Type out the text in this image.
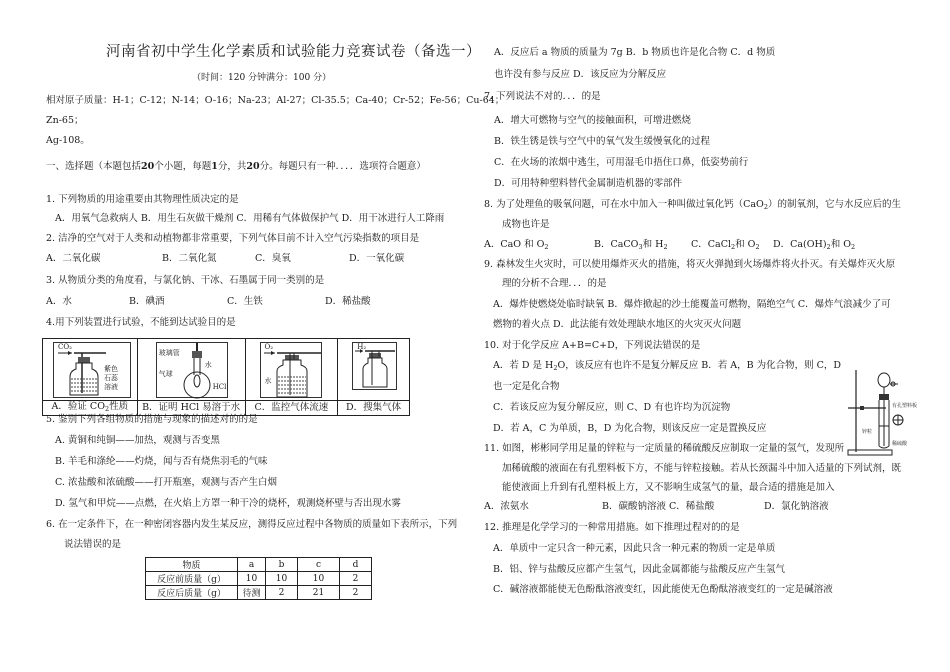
河南省初中学生化学素质和试验能力竞赛试卷（备选一）
（时间：120 分钟满分：100 分）
相对原子质量：H-1；C-12；N-14；O-16；Na-23；Al-27；Cl-35.5；Ca-40；Cr-52；Fe-56；Cu-64；
Zn-65；
Ag-108。
一、选择题（本题包括20个小题，每题1分，共20分。每题只有一种．．．．选项符合题意）
1. 下列物质的用途重要由其物理性质决定的是
A．用氧气急救病人 B．用生石灰做干燥剂 C．用稀有气体做保护气 D．用干冰进行人工降雨
2. 洁净的空气对于人类和动植物都非常重要，下列气体目前不计入空气污染指数的项目是
A．二氧化碳	B．二氧化氮	C．臭氧	D．一氧化碳
3. 从物质分类的角度看，与氯化钠、干冰、石墨属于同一类别的是
A．水	B．碘酒	C．生铁	D．稀盐酸
4.用下列装置进行试验，不能到达试验目的是
CO₂
紫色
石蕊
溶液	玻璃管
水
气球
HCl	O₂
水	H₂

A．验证 $CO_2$性质	B．证明 HCl 易溶于水	C．监控气体流速	D．搜集气体
5. 鉴别下列各组物质的措施与现象的描述对的的是
A. 黄铜和纯铜——加热，观测与否变黑
B. 羊毛和涤纶——灼烧，闻与否有烧焦羽毛的气味
C. 浓盐酸和浓硫酸——打开瓶塞，观测与否产生白烟
D. 氢气和甲烷——点燃，在火焰上方罩一种干冷的烧杯，观测烧杯壁与否出现水雾
6. 在一定条件下，在一种密闭容器内发生某反应，测得反应过程中各物质的质量如下表所示，下列
说法错误的是
物质	a	b	c	d
反应前质量（g）	10	10	10	2
反应后质量（g）	待测	2	21	2
A．反应后 a 物质的质量为 7g B．b 物质也许是化合物 C．d 物质
也许没有参与反应 D．该反应为分解反应
7. 下列说法不对的．．．的是
A．增大可燃物与空气的接触面积，可增进燃烧
B．铁生锈是铁与空气中的氧气发生缓慢氧化的过程
C．在火场的浓烟中逃生，可用湿毛巾捂住口鼻，低姿势前行
D．可用特种塑料替代金属制造机器的零部件
8. 为了处理鱼的吸氧问题，可在水中加入一种叫做过氧化钙（CaO$_2$）的制氧剂，它与水反应后的生
成物也许是
A．CaO 和 $O_2$	B．CaCO$_3$和 $H_2$ C．CaCl$_2$和 $O_2$ D．$Ca(OH)_2$和 $O_2$
9. 森林发生火灾时，可以使用爆炸灭火的措施，将灭火弹抛到火场爆炸将火扑灭。有关爆炸灭火原
理的分析不合理．．．的是
A．爆炸使燃烧处临时缺氧 B．爆炸掀起的沙土能覆盖可燃物，隔绝空气 C．爆炸气浪减少了可
燃物的着火点 D．此法能有效处理缺水地区的火灾灭火问题
10. 对于化学反应 A+B=C+D，下列说法错误的是
A．若 D 是 $H_2O$，该反应有也许不是复分解反应 B．若 A，B 为化合物，则 C，D
也一定是化合物
C．若该反应为复分解反应，则 C、D 有也许均为沉淀物
D．若 A，C 为单质，B，D 为化合物，则该反应一定是置换反应
11. 如图，彬彬同学用足量的锌粒与一定质量的稀硫酸反应制取一定量的氢气，发现所
加稀硫酸的液面在有孔塑料板下方，不能与锌粒接触。若从长颈漏斗中加入适量的下列试剂，既
能使液面上升到有孔塑料板上方，又不影响生成氢气的量，最合适的措施是加入
A．浓氨水	B．碳酸钠溶液 C．稀盐酸	D．氯化钠溶液
12. 推理是化学学习的一种常用措施。如下推理过程对的的是
A．单质中一定只含一种元素，因此只含一种元素的物质一定是单质
B．铝、锌与盐酸反应都产生氢气，因此金属都能与盐酸反应产生氢气
C．碱溶液都能使无色酚酞溶液变红，因此能使无色酚酞溶液变红的一定是碱溶液
有孔塑料板
锌粒
稀硫酸
